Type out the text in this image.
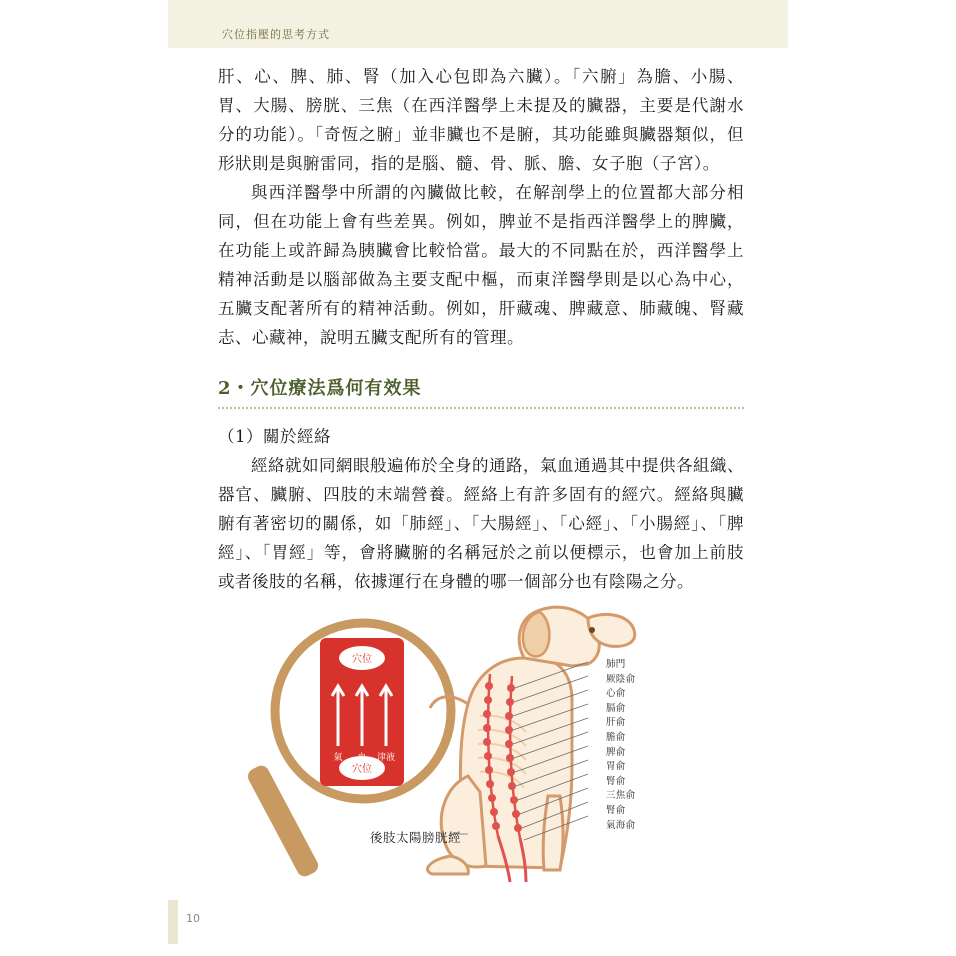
穴位指壓的思考方式

肝、心、脾、肺、腎（加入心包即為六臟）。「六腑」為膽、小腸、胃、大腸、膀胱、三焦（在西洋醫學上未提及的臟器，主要是代謝水分的功能）。「奇恆之腑」並非臟也不是腑，其功能雖與臟器類似，但形狀則是與腑雷同，指的是腦、髓、骨、脈、膽、女子胞（子宮）。

與西洋醫學中所謂的內臟做比較，在解剖學上的位置都大部分相同，但在功能上會有些差異。例如，脾並不是指西洋醫學上的脾臟，在功能上或許歸為胰臟會比較恰當。最大的不同點在於，西洋醫學上精神活動是以腦部做為主要支配中樞，而東洋醫學則是以心為中心，五臟支配著所有的精神活動。例如，肝藏魂、脾藏意、肺藏魄、腎藏志、心藏神，說明五臟支配所有的管理。

2・穴位療法爲何有效果
（1）關於經絡

經絡就如同網眼般遍佈於全身的通路，氣血通過其中提供各組織、器官、臟腑、四肢的末端營養。經絡上有許多固有的經穴。經絡與臟腑有著密切的關係，如「肺經」、「大腸經」、「心經」、「小腸經」、「脾經」、「胃經」等，會將臟腑的名稱冠於之前以便標示，也會加上前肢或者後肢的名稱，依據運行在身體的哪一個部分也有陰陽之分。

穴位
穴位
氣 血 津液
肺門
厥陰俞
心俞
膈俞
肝俞
膽俞
脾俞
胃俞
腎俞
三焦俞
腎俞
氣海俞
後肢太陽膀胱經
10
